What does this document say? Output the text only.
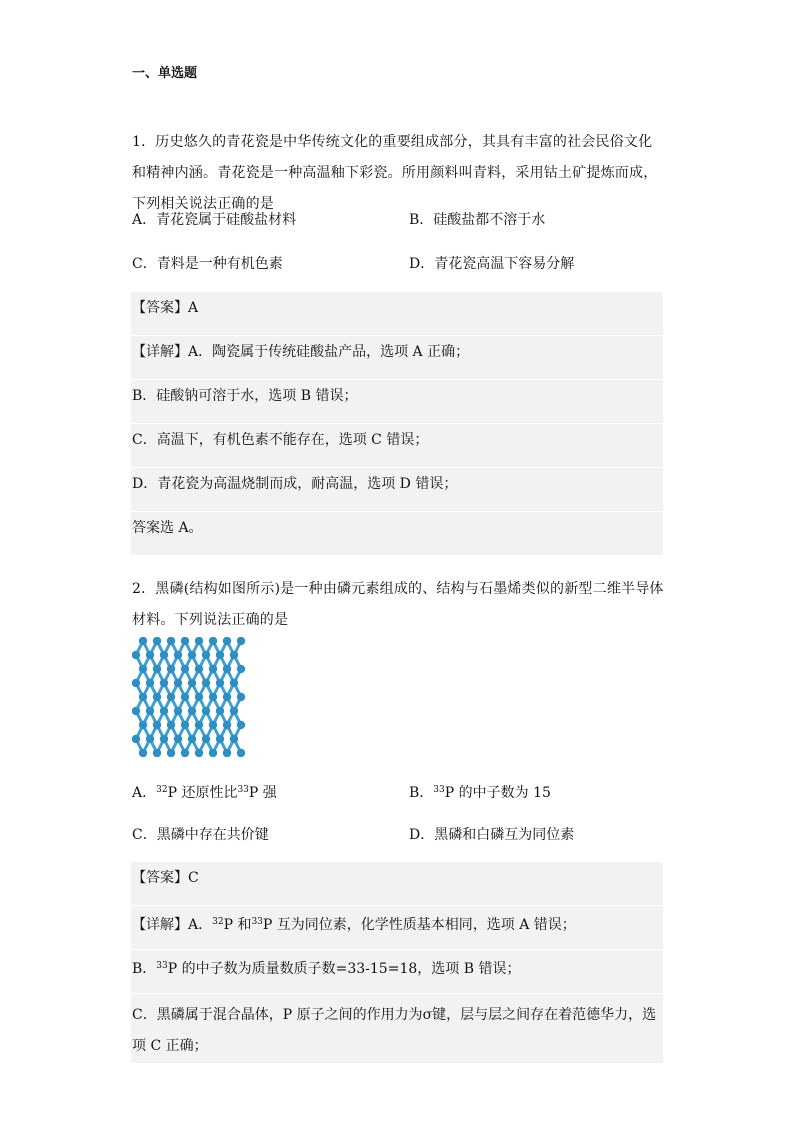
一、单选题
1．历史悠久的青花瓷是中华传统文化的重要组成部分，其具有丰富的社会民俗文化和精神内涵。青花瓷是一种高温釉下彩瓷。所用颜料叫青料，采用钴土矿提炼而成，下列相关说法正确的是
A．青花瓷属于硅酸盐材料	B．硅酸盐都不溶于水
C．青料是一种有机色素	D．青花瓷高温下容易分解
【答案】A
【详解】A．陶瓷属于传统硅酸盐产品，选项 A 正确；
B．硅酸钠可溶于水，选项 B 错误；
C．高温下，有机色素不能存在，选项 C 错误；
D．青花瓷为高温烧制而成，耐高温，选项 D 错误；
答案选 A。
2．黑磷(结构如图所示)是一种由磷元素组成的、结构与石墨烯类似的新型二维半导体材料。下列说法正确的是
A．$^{32}$P 还原性比$^{33}$P 强	B．$^{33}$P 的中子数为 15
C．黑磷中存在共价键	D．黑磷和白磷互为同位素
【答案】C
【详解】A．$^{32}$P 和$^{33}$P 互为同位素，化学性质基本相同，选项 A 错误；
B．$^{33}$P 的中子数为质量数质子数=33-15=18，选项 B 错误；
C．黑磷属于混合晶体，P 原子之间的作用力为σ键，层与层之间存在着范德华力，选项 C 正确；
